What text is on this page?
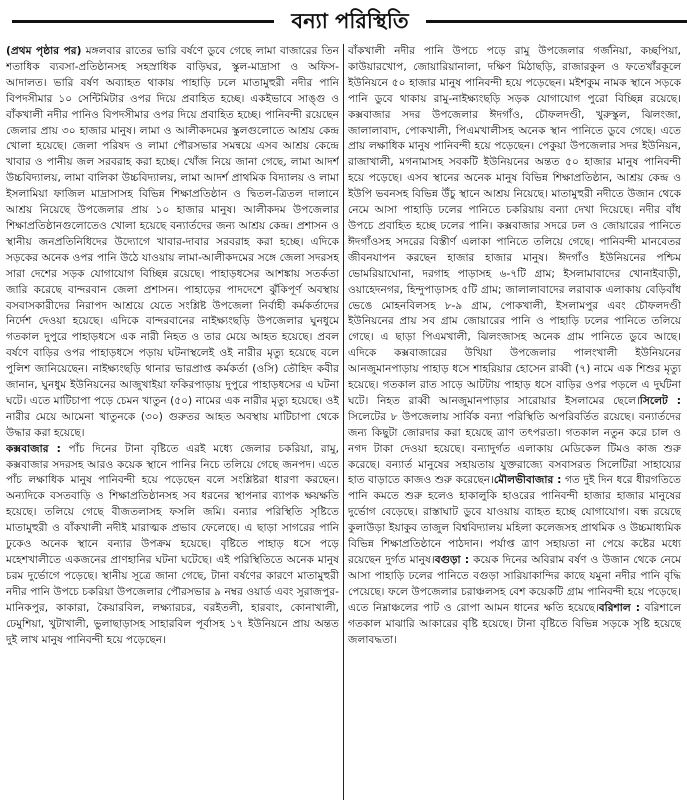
বন্যা পরিস্থিতি

(প্রথম পৃষ্ঠার পর) মঙ্গলবার রাতের ভারি বর্ষণে ডুবে গেছে লামা বাজারের তিন শতাধিক ব্যবসা-প্রতিষ্ঠানসহ সহস্রাধিক বাড়িঘর, স্কুল-মাদ্রাসা ও অফিস-আদালত। ভারি বর্ষণ অব্যাহত থাকায় পাহাড়ি ঢলে মাতামুহুরী নদীর পানি বিপদসীমার ১০ সেন্টিমিটার ওপর দিয়ে প্রবাহিত হচ্ছে। একইভাবে সাঙ্গু ও বাঁকখালী নদীর পানিও বিপদসীমার ওপর দিয়ে প্রবাহিত হচ্ছে। পানিবন্দী রয়েছেন জেলার প্রায় ৩০ হাজার মানুষ। লামা ও আলীকদমের স্কুলগুলোতে আশ্রয় কেন্দ্র খোলা হয়েছে। জেলা পরিষদ ও লামা পৌরসভার সমন্বয়ে এসব আশ্রয় কেন্দ্রে খাবার ও পানীয় জল সরবরাহ করা হচ্ছে। খোঁজ নিয়ে জানা গেছে, লামা আদর্শ উচ্চবিদ্যালয়, লামা বালিকা উচ্চবিদ্যালয়, লামা আদর্শ প্রাথমিক বিদ্যালয় ও লামা ইসলামিয়া ফাজিল মাদ্রাসাসহ বিভিন্ন শিক্ষাপ্রতিষ্ঠান ও দ্বিতল-ত্রিতল দালানে আশ্রয় নিয়েছে উপজেলার প্রায় ১০ হাজার মানুষ। আলীকদম উপজেলার শিক্ষাপ্রতিষ্ঠানগুলোতেও খোলা হয়েছে বন্যার্তদের জন্য আশ্রয় কেন্দ্র। প্রশাসন ও স্থানীয় জনপ্রতিনিধিদের উদ্যোগে খাবার-দাবার সরবরাহ করা হচ্ছে। এদিকে সড়কের অনেক ওপর পানি উঠে যাওয়ায় লামা-আলীকদমের সঙ্গে জেলা সদরসহ সারা দেশের সড়ক যোগাযোগ বিচ্ছিন্ন রয়েছে। পাহাড়ধসের আশঙ্কায় সতর্কতা জারি করেছে বান্দরবান জেলা প্রশাসন। পাহাড়ের পাদদেশে ঝুঁকিপূর্ণ অবস্থায় বসবাসকারীদের নিরাপদ আশ্রয়ে যেতে সংশ্লিষ্ট উপজেলা নির্বাহী কর্মকর্তাদের নির্দেশ দেওয়া হয়েছে। এদিকে বান্দরবানের নাইক্ষ্যংছড়ি উপজেলার ঘুনধুমে গতকাল দুপুরে পাহাড়ধসে এক নারী নিহত ও তার মেয়ে আহত হয়েছে। প্রবল বর্ষণে বাড়ির ওপর পাহাড়ধসে পড়ায় ঘটনাস্থলেই ওই নারীর মৃত্যু হয়েছে বলে পুলিশ জানিয়েছেন। নাইক্ষ্যংছড়ি থানার ভারপ্রাপ্ত কর্মকর্তা (ওসি) তৌহিদ কবীর জানান, ঘুনধুম ইউনিয়নের আজুখাইয়া ফকিরপাড়ায় দুপুরে পাহাড়ধসের এ ঘটনা ঘটে। এতে মাটিচাপা পড়ে চেমন খাতুন (৫০) নামের এক নারীর মৃত্যু হয়েছে। ওই নারীর মেয়ে আমেনা খাতুনকে (৩০) গুরুতর আহত অবস্থায় মাটিচাপা থেকে উদ্ধার করা হয়েছে।

কক্সবাজার : পাঁচ দিনের টানা বৃষ্টিতে এরই মধ্যে জেলার চকরিয়া, রামু, কক্সবাজার সদরসহ আরও কয়েক স্থানে পানির নিচে তলিয়ে গেছে জনপদ। এতে পাঁচ লক্ষাধিক মানুষ পানিবন্দী হয়ে পড়েছেন বলে সংশ্লিষ্টরা ধারণা করছেন। অন্যদিকে বসতবাড়ি ও শিক্ষাপ্রতিষ্ঠানসহ সব ধরনের স্থাপনার ব্যাপক ক্ষয়ক্ষতি হয়েছে। তলিয়ে গেছে বীজতলাসহ ফসলি জমি। বন্যার পরিস্থিতি সৃষ্টিতে মাতামুহুরী ও বাঁকখালী নদীই মারাত্মক প্রভাব ফেলেছে। এ ছাড়া সাগরের পানি ঢুকেও অনেক স্থানে বন্যার উপক্রম হয়েছে। বৃষ্টিতে পাহাড় ধসে পড়ে মহেশখালীতে একজনের প্রাণহানির ঘটনা ঘটেছে। এই পরিস্থিতিতে অনেক মানুষ চরম দুর্ভোগে পড়েছে। স্থানীয় সূত্রে জানা গেছে, টানা বর্ষণের কারণে মাতামুহুরী নদীর পানি উপচে চকরিয়া উপজেলার পৌরসভার ৯ নম্বর ওয়ার্ড এবং সুরাজপুর-মানিকপুর, কাকারা, কৈয়ারবিল, লক্ষ্যারচর, বরইতলী, হারবাং, কোনাখালী, ঢেমুশিয়া, খুটাখালী, ভুলাছাড়াসহ সাহারবিল পূর্বাসহ ১৭ ইউনিয়নে প্রায় অন্তত দুই লাখ মানুষ পানিবন্দী হয়ে পড়েছেন।

বাঁকখালী নদীর পানি উপচে পড়ে রামু উপজেলার গর্জনিয়া, কচ্ছপিয়া, কাউয়ারখোপ, জোয়ারিয়ানালা, দক্ষিণ মিঠাছড়ি, রাজারকুল ও ফতেখাঁরকূলে ইউনিয়নে ৫০ হাজার মানুষ পানিবন্দী হয়ে পড়েছেন। মইশকুম নামক স্থানে সড়কে পানি ডুবে থাকায় রামু-নাইক্ষ্যংছড়ি সড়ক যোগাযোগ পুরো বিচ্ছিন্ন রয়েছে। কক্সবাজার সদর উপজেলার ঈদগাঁও, চৌফলদণ্ডী, খুরুস্কুল, ঝিলংজা, জালালাবাদ, পোকখালী, পিএমখালীসহ অনেক স্থান পানিতে ডুবে গেছে। এতে প্রায় লক্ষাধিক মানুষ পানিবন্দী হয়ে পড়েছেন। পেকুয়া উপজেলার সদর ইউনিয়ন, রাজাখালী, মগনামাসহ সবকটি ইউনিয়নের অন্তত ৫০ হাজার মানুষ পানিবন্দী হয়ে পড়েছে। এসব স্থানের অনেক মানুষ বিভিন্ন শিক্ষাপ্রতিষ্ঠান, আশ্রয় কেন্দ্র ও ইউপি ভবনসহ বিভিন্ন উঁচু স্থানে আশ্রয় নিয়েছে। মাতামুহুরী নদীতে উজান থেকে নেমে আসা পাহাড়ি ঢলের পানিতে চকরিয়ায় বন্যা দেখা দিয়েছে। নদীর বাঁধ উপচে প্রবাহিত হচ্ছে ঢলের পানি। কক্সবাজার সদরে ঢল ও জোয়ারের পানিতে ঈদগাঁওসহ সদরের বিস্তীর্ণ এলাকা পানিতে তলিয়ে গেছে। পানিবন্দী মানবেতর জীবনযাপন করছেন হাজার হাজার মানুষ। ঈদগাঁও ইউনিয়নের পশ্চিম ভোমরিয়াঘোনা, দরগাহ পাড়াসহ ৬-৭টি গ্রাম; ইসলামাবাদের খোনাইবাড়ী, ওয়াহেদনগর, হিন্দুপাড়াসহ ৫টি গ্রাম; জালালাবাদের লরাবাক এলাকায় বেড়িবাঁধ ভেঙে মোহনবিলসহ ৮-৯ গ্রাম, পোকখালী, ইসলামপুর এবং চৌফলদণ্ডী ইউনিয়নের প্রায় সব গ্রাম জোয়ারের পানি ও পাহাড়ি ঢলের পানিতে তলিয়ে গেছে। এ ছাড়া পিএমখালী, ঝিলংজাসহ অনেক গ্রাম পানিতে ডুবে আছে। এদিকে কক্সবাজারের উখিয়া উপজেলার পালংখালী ইউনিয়নের আনজুমানপাড়ায় পাহাড় ধসে শাহরিয়ার হোসেন রাব্বী (৭) নামে এক শিশুর মৃত্যু হয়েছে। গতকাল রাত সাড়ে আটটায় পাহাড় ধসে বাড়ির ওপর পড়লে এ দুর্ঘটনা ঘটে। নিহত রাব্বী আনজুমানপাড়ার সারোয়ার ইসলামের ছেলে।সিলেট : সিলেটের ৮ উপজেলায় সার্বিক বন্যা পরিস্থিতি অপরিবর্তিত রয়েছে। বন্যার্তদের জন্য কিছুটা জোরদার করা হয়েছে ত্রাণ তৎপরতা। গতকাল নতুন করে চাল ও নগদ টাকা দেওয়া হয়েছে। বন্যাদুর্গত এলাকায় মেডিকেল টিমও কাজ শুরু করেছে। বন্যার্ত মানুষের সহায়তায় যুক্তরাজ্যে বসবাসরত সিলেটিরা সাহায্যের হাত বাড়াতে কাজও শুরু করেছেন।মৌলভীবাজার : গত দুই দিন ধরে ধীরগতিতে পানি কমতে শুরু হলেও হাকালুকি হাওরের পানিবন্দী হাজার হাজার মানুষের দুর্ভোগ বেড়েছে। রাস্তাঘাট ডুবে যাওয়ায় ব্যাহত হচ্ছে যোগাযোগ। বন্ধ রয়েছে কুলাউড়া ইয়াকুব তাজুল বিশ্ববিদ্যালয় মহিলা কলেজসহ প্রাথমিক ও উচ্চমাধ্যমিক বিভিন্ন শিক্ষাপ্রতিষ্ঠানে পাঠদান। পর্যাপ্ত ত্রাণ সহায়তা না পেয়ে কষ্টের মধ্যে রয়েছেন দুর্গত মানুষ।বগুড়া : কয়েক দিনের অবিরাম বর্ষণ ও উজান থেকে নেমে আসা পাহাড়ি ঢলের পানিতে বগুড়া সারিয়াকান্দির কাছে যমুনা নদীর পানি বৃদ্ধি পেয়েছে। ফলে উপজেলার চরাঞ্চলসহ বেশ কয়েকটি গ্রাম পানিবন্দী হয়ে পড়েছে। এতে নিম্নাঞ্চলের পাট ও রোপা আমন ধানের ক্ষতি হয়েছে।বরিশাল : বরিশালে গতকাল মাঝারি আকারের বৃষ্টি হয়েছে। টানা বৃষ্টিতে বিভিন্ন সড়কে সৃষ্টি হয়েছে জলাবদ্ধতা।
